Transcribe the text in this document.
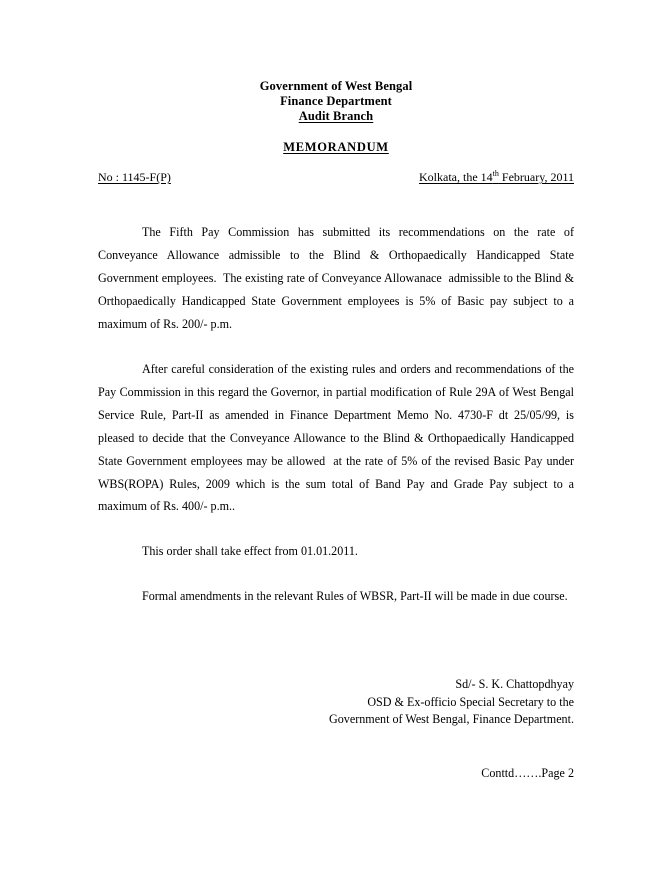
Government of West Bengal
Finance Department
Audit Branch
MEMORANDUM
No : 1145-F(P)	Kolkata, the 14th February, 2011

The Fifth Pay Commission has submitted its recommendations on the rate of Conveyance Allowance admissible to the Blind & Orthopaedically Handicapped State Government employees.  The existing rate of Conveyance Allowanace  admissible to the Blind & Orthopaedically Handicapped State Government employees is 5% of Basic pay subject to a maximum of Rs. 200/- p.m.

After careful consideration of the existing rules and orders and recommendations of the Pay Commission in this regard the Governor, in partial modification of Rule 29A of West Bengal Service Rule, Part-II as amended in Finance Department Memo No. 4730-F dt 25/05/99, is pleased to decide that the Conveyance Allowance to the Blind & Orthopaedically Handicapped State Government employees may be allowed  at the rate of 5% of the revised Basic Pay under WBS(ROPA) Rules, 2009 which is the sum total of Band Pay and Grade Pay subject to a maximum of Rs. 400/- p.m..

This order shall take effect from 01.01.2011.

Formal amendments in the relevant Rules of WBSR, Part-II will be made in due course.

Sd/- S. K. Chattopdhyay
OSD & Ex-officio Special Secretary to the
Government of West Bengal, Finance Department.
Conttd…….Page 2
